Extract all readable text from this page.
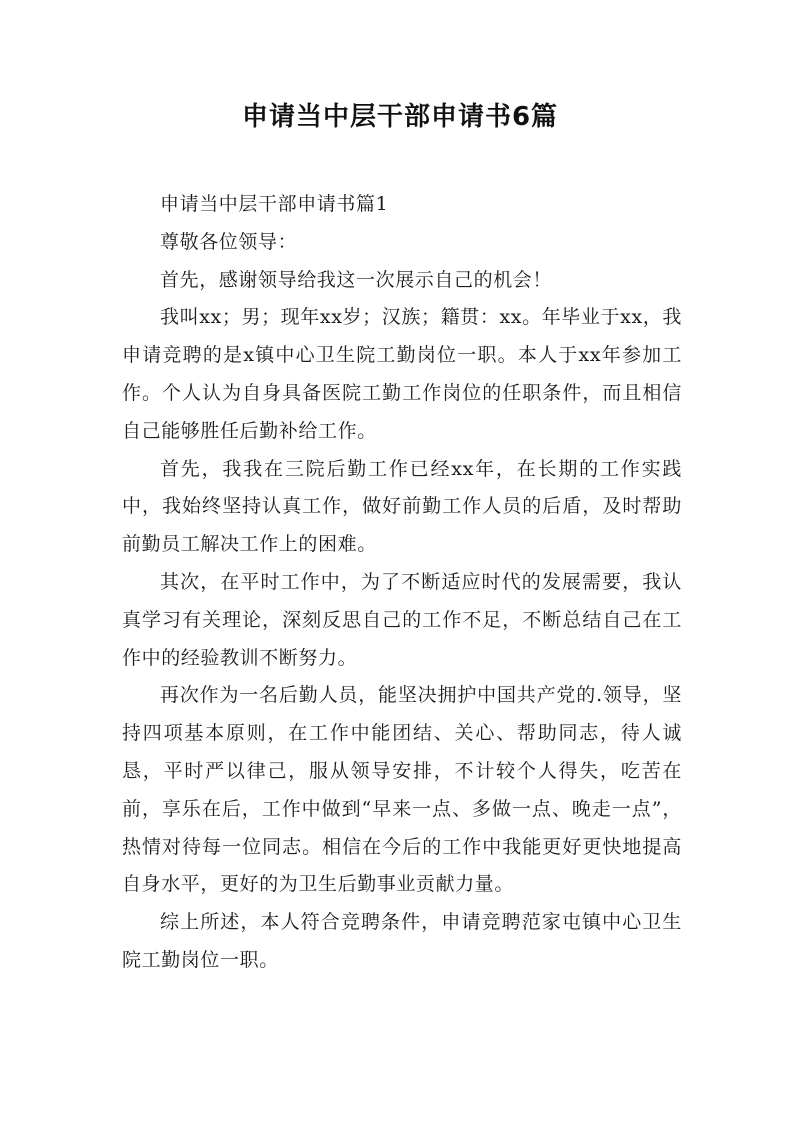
申请当中层干部申请书6篇

申请当中层干部申请书篇1

尊敬各位领导：

首先，感谢领导给我这一次展示自己的机会！

我叫xx；男；现年xx岁；汉族；籍贯：xx。年毕业于xx，我申请竞聘的是x镇中心卫生院工勤岗位一职。本人于xx年参加工作。个人认为自身具备医院工勤工作岗位的任职条件，而且相信自己能够胜任后勤补给工作。

首先，我我在三院后勤工作已经xx年，在长期的工作实践中，我始终坚持认真工作，做好前勤工作人员的后盾，及时帮助前勤员工解决工作上的困难。

其次，在平时工作中，为了不断适应时代的发展需要，我认真学习有关理论，深刻反思自己的工作不足，不断总结自己在工作中的经验教训不断努力。

再次作为一名后勤人员，能坚决拥护中国共产党的.领导，坚持四项基本原则，在工作中能团结、关心、帮助同志，待人诚恳，平时严以律己，服从领导安排，不计较个人得失，吃苦在前，享乐在后，工作中做到“早来一点、多做一点、晚走一点”，热情对待每一位同志。相信在今后的工作中我能更好更快地提高自身水平，更好的为卫生后勤事业贡献力量。

综上所述，本人符合竞聘条件，申请竞聘范家屯镇中心卫生院工勤岗位一职。
